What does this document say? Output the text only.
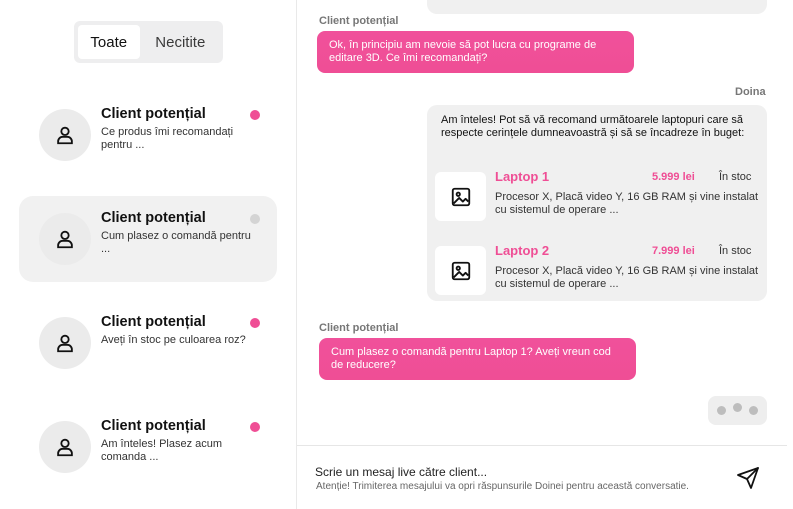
Toate	Necitite
Client potențial
Ce produs îmi recomandați pentru ...
Client potențial
Cum plasez o comandă pentru ...
Client potențial
Aveți în stoc pe culoarea roz?
Client potențial
Am înteles! Plasez acum comanda ...
Client potențial
Ok, în principiu am nevoie să pot lucra cu programe de editare 3D. Ce îmi recomandați?
Doina
Am înteles! Pot să vă recomand următoarele laptopuri care să respecte cerințele dumneavoastră și să se încadreze în buget:
Laptop 1	5.999 lei În stoc
Procesor X, Placă video Y, 16 GB RAM și vine instalat cu sistemul de operare ...
Laptop 2	7.999 lei În stoc
Procesor X, Placă video Y, 16 GB RAM și vine instalat cu sistemul de operare ...
Client potențial
Cum plasez o comandă pentru Laptop 1? Aveți vreun cod de reducere?
Scrie un mesaj live către client...
Atenție! Trimiterea mesajului va opri răspunsurile Doinei pentru această conversatie.
